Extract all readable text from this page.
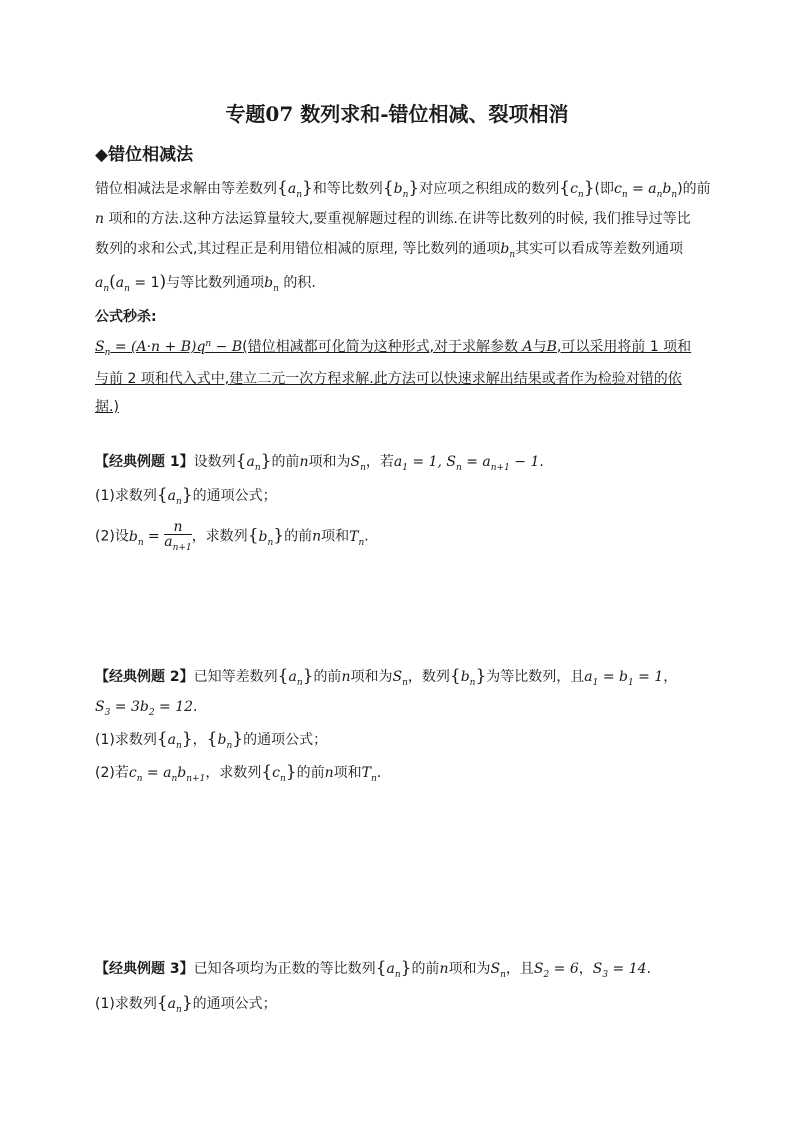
专题07 数列求和-错位相减、裂项相消
◆错位相减法
错位相减法是求解由等差数列$\{a_n\}$和等比数列$\{b_n\}$对应项之积组成的数列$\{c_n\}$(即$c_n = a_nb_n$)的前
n 项和的方法.这种方法运算量较大,要重视解题过程的训练.在讲等比数列的时候, 我们推导过等比
数列的求和公式,其过程正是利用错位相减的原理, 等比数列的通项$b_n$其实可以看成等差数列通项
$a_n(a_n = 1)$与等比数列通项$b_n$ 的积.
公式秒杀:
$S_n = (A\cdot n + B)q^n - B$(错位相减都可化简为这种形式,对于求解参数 A与B,可以采用将前 1 项和
与前 2 项和代入式中,建立二元一次方程求解.此方法可以快速求解出结果或者作为检验对错的依
据.)
【经典例题 1】设数列$\{a_n\}$的前n项和为$S_n$，若$a_1 = 1$, $S_n = a_{n+1} - 1$.
(1)求数列$\{a_n\}$的通项公式；
(2)设$b_n = \frac{n}{a_{n+1}}$ ，求数列$\{b_n\}$的前n项和$T_n$.
【经典例题 2】已知等差数列$\{a_n\}$的前n项和为$S_n$，数列$\{b_n\}$为等比数列，且$a_1 = b_1 = 1$，
$S_3 = 3b_2 = 12$.
(1)求数列$\{a_n\}$，$\{b_n\}$的通项公式；
(2)若$c_n = a_nb_{n+1}$，求数列$\{c_n\}$的前n项和$T_n$.
【经典例题 3】已知各项均为正数的等比数列$\{a_n\}$的前n项和为$S_n$，且$S_2 = 6$，$S_3 = 14$.
(1)求数列$\{a_n\}$的通项公式；
